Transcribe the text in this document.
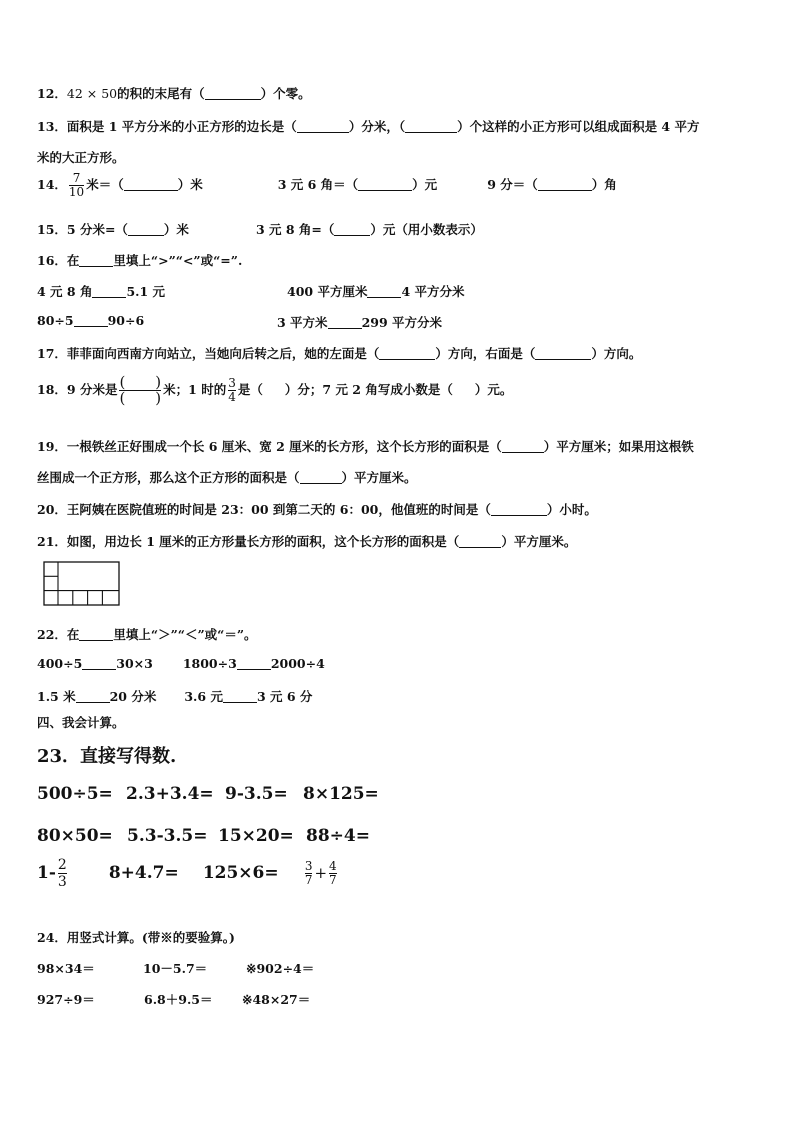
12．42 × 50的积的末尾有（	）个零。
13．面积是 1 平方分米的小正方形的边长是（	）分米，（	）个这样的小正方形可以组成面积是 4 平方
米的大正方形。
14． $\frac{7}{10}$ 米＝（	）米	3 元 6 角＝（	）元	9 分＝（	）角
15．5 分米=（	）米	3 元 8 角=（	）元（用小数表示）
16．在	里填上“>”“<”或“=”.
4 元 8 角	5.1 元	400 平方厘米	4 平方分米
80÷5	90÷6	3 平方米	299 平方分米
17．菲菲面向西南方向站立，当她向后转之后，她的左面是（	）方向，右面是（	）方向。
18．9 分米是 $\frac{( )}{( )}$ 米；1 时的 $\frac{3}{4}$ 是（ ）分；7 元 2 角写成小数是（ ）元。
19．一根铁丝正好围成一个长 6 厘米、宽 2 厘米的长方形，这个长方形的面积是（	）平方厘米；如果用这根铁
丝围成一个正方形，那么这个正方形的面积是（	）平方厘米。
20．王阿姨在医院值班的时间是 23：00 到第二天的 6：00，他值班的时间是（	）小时。
21．如图，用边长 1 厘米的正方形量长方形的面积，这个长方形的面积是（	）平方厘米。
22．在	里填上“＞”“＜”或“＝”。
400÷5	30×3 1800÷3	2000÷4
1.5 米	20 分米 3.6 元	3 元 6 分
四、我会计算。
23．直接写得数.
500÷5= 2.3+3.4= 9-3.5= 8×125=
80×50= 5.3-3.5= 15×20= 88÷4=
$1- \frac{2}{3} 8+4.7= 125\times 6= \frac{3}{7} + \frac{4}{7}$
24．用竖式计算。(带※的要验算。)
98×34＝	10－5.7＝	※902÷4＝
927÷9＝	6.8＋9.5＝ ※48×27＝
